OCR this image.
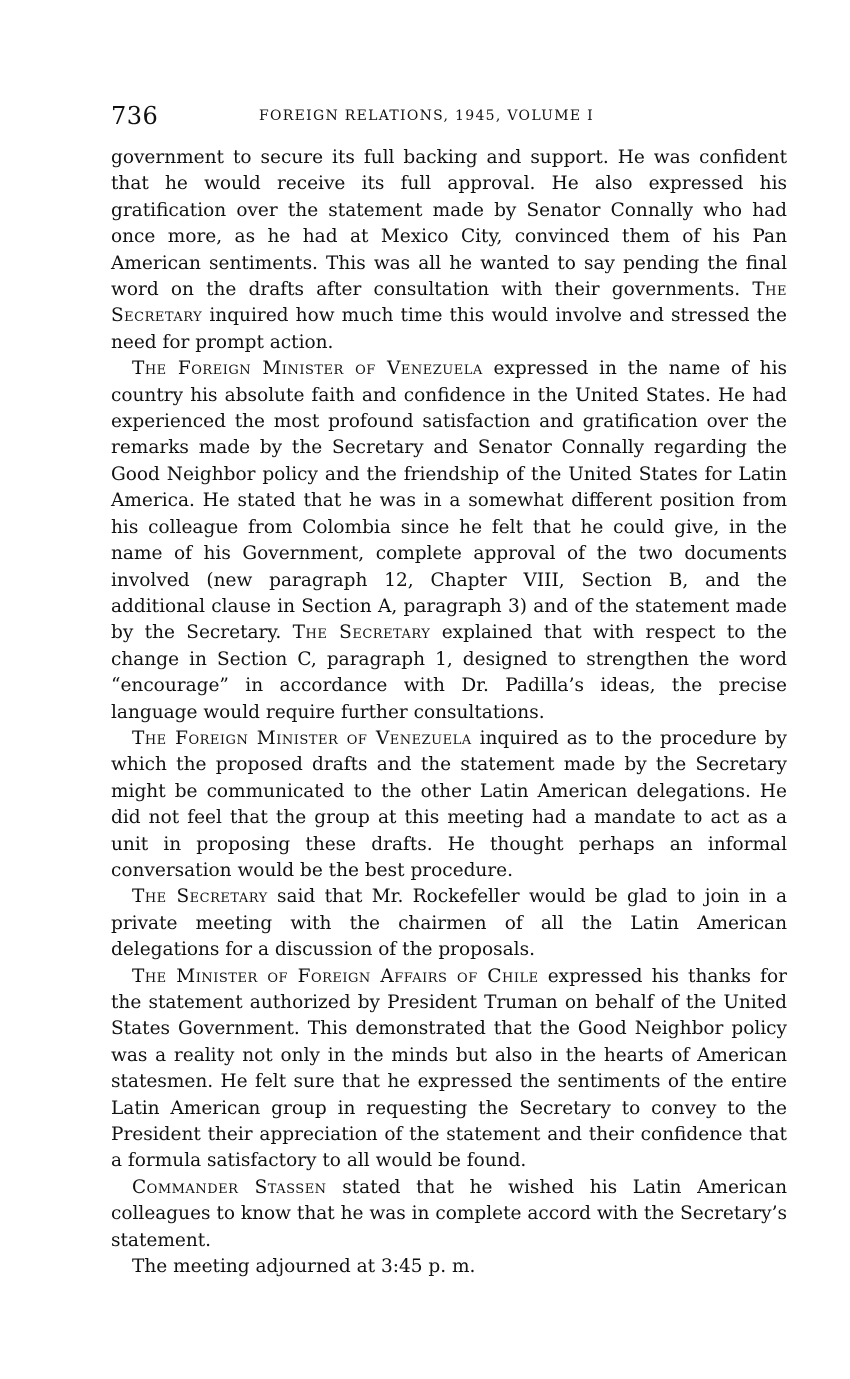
736	FOREIGN RELATIONS, 1945, VOLUME I

government to secure its full backing and support. He was confident that he would receive its full approval. He also expressed his gratification over the statement made by Senator Connally who had once more, as he had at Mexico City, convinced them of his Pan American sentiments. This was all he wanted to say pending the final word on the drafts after consultation with their governments. The Secretary inquired how much time this would involve and stressed the need for prompt action.

The Foreign Minister of Venezuela expressed in the name of his country his absolute faith and confidence in the United States. He had experienced the most profound satisfaction and gratification over the remarks made by the Secretary and Senator Connally regarding the Good Neighbor policy and the friendship of the United States for Latin America. He stated that he was in a somewhat different position from his colleague from Colombia since he felt that he could give, in the name of his Government, complete approval of the two documents involved (new paragraph 12, Chapter VIII, Section B, and the additional clause in Section A, paragraph 3) and of the statement made by the Secretary. The Secretary explained that with respect to the change in Section C, paragraph 1, designed to strengthen the word “encourage” in accordance with Dr. Padilla’s ideas, the precise language would require further consultations.

The Foreign Minister of Venezuela inquired as to the procedure by which the proposed drafts and the statement made by the Secretary might be communicated to the other Latin American delegations. He did not feel that the group at this meeting had a mandate to act as a unit in proposing these drafts. He thought perhaps an informal conversation would be the best procedure.

The Secretary said that Mr. Rockefeller would be glad to join in a private meeting with the chairmen of all the Latin American delegations for a discussion of the proposals.

The Minister of Foreign Affairs of Chile expressed his thanks for the statement authorized by President Truman on behalf of the United States Government. This demonstrated that the Good Neighbor policy was a reality not only in the minds but also in the hearts of American statesmen. He felt sure that he expressed the sentiments of the entire Latin American group in requesting the Secretary to convey to the President their appreciation of the statement and their confidence that a formula satisfactory to all would be found.

Commander Stassen stated that he wished his Latin American colleagues to know that he was in complete accord with the Secretary’s statement.

The meeting adjourned at 3:45 p. m.
